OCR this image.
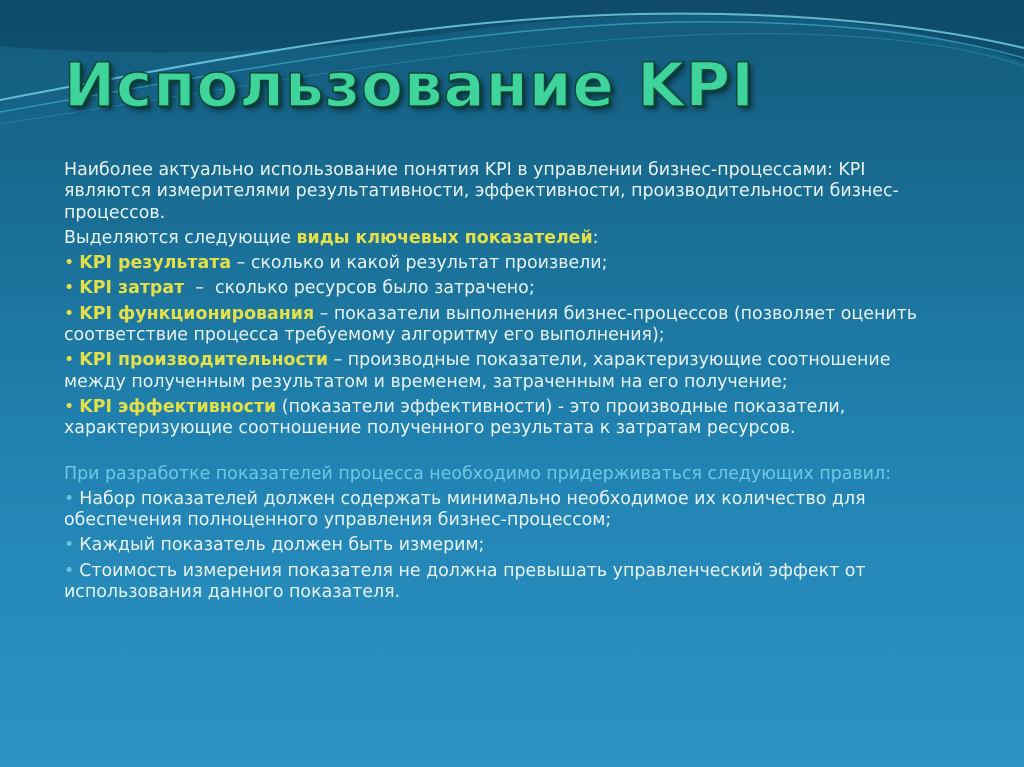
Использование KPI

Наиболее актуально использование понятия KPI в управлении бизнес-процессами: KPI являются измерителями результативности, эффективности, производительности бизнес-процессов.

Выделяются следующие виды ключевых показателей:

• KPI результата – сколько и какой результат произвели;

• KPI затрат  –  сколько ресурсов было затрачено;

• KPI функционирования – показатели выполнения бизнес-процессов (позволяет оценить соответствие процесса требуемому алгоритму его выполнения);

• KPI производительности – производные показатели, характеризующие соотношение между полученным результатом и временем, затраченным на его получение;

• KPI эффективности (показатели эффективности) - это производные показатели, характеризующие соотношение полученного результата к затратам ресурсов.

При разработке показателей процесса необходимо придерживаться следующих правил:

• Набор показателей должен содержать минимально необходимое их количество для обеспечения полноценного управления бизнес-процессом;

• Каждый показатель должен быть измерим;

• Стоимость измерения показателя не должна превышать управленческий эффект от использования данного показателя.
